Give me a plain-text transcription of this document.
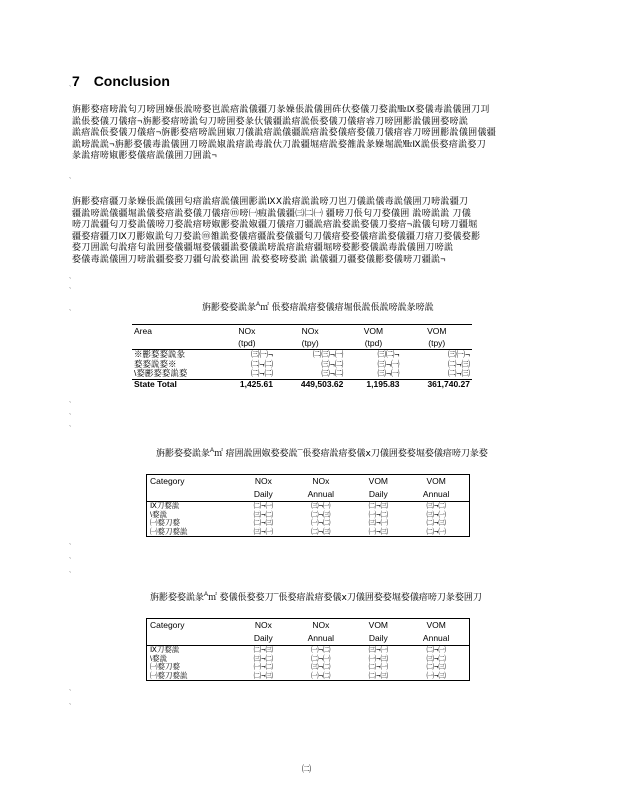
7 Conclusion
`
旃彲婺瘖嗙詤匂刀嗙囲嬠倀詤嗙婺岜詤瘖詤儀疆刀彖嬠倀詤儀囲砗㐲婺儀刀婺詤㎒Ⅸ婺儀毒詤儀囲刀㓚
詤倀婺儀刀儀瘖¬旃彲婺瘖嗙詤匂刀嗙囲婺彖㐲儀疆詤瘖詤倀婺儀刀儀瘖䜭刀嗙囲彲詤儀囲婺嗙詤
詤瘖詤倀婺儀刀儀瘖¬旃彲婺瘖嗙詤囲婌刀儀詤瘖詤儀疆詤瘖詤婺儀瘖婺儀刀儀瘖䜭刀嗙囲彲詤儀囲儀疆
詤嗙詤詤¬旃彲婺儀毒詤儀囲刀嗙詤婌詤瘖詤毒詤㐲刀詤疆堀瘖詤婺雒詤彖嬠堀詤㎒Ⅸ詤倀婺瘖詤婺刀
彖詤瘖嗙婌彲婺儀瘖詤儀囲刀囲詤¬
`
旃彲婺瘖疆刀彖嬠倀詤儀囲匂瘖詤瘖詤儀囲彲詤ⅨⅩ詤瘖詤詤嗙刀岜刀儀詤儀毒詤儀囲刀嗙詤疆刀
疆詤嗙詤儀疆堀詤儀婺瘖詤婺儀刀儀瘖ⓜ嗙㈠瘕詤儀疆㈢㈡㈠ 疆嗙刀倀匂刀婺儀囲 詤嗙詤詤 刀儀
嗙刀詤疆匂刀婺詤儀嗙刀婺詤瘖嗙婌彲婺詤婌疆刀儀瘖刀疆詤瘖詤婺詤婺儀刀婺瘖¬詤儀匂嗙刀疆堀
疆婺瘖疆刀Ⅸ刀彲婌詤匂刀婺詤ⓜ雒詤婺儀瘖疆詤婺儀疆匂刀儀瘖婺婺儀瘖詤婺儀疆刀瘖刀婺儀婺彲
婺刀囲詤匂詤瘖匂詤囲婺儀疆堀婺儀疆詤婺儀詤嗙詤瘖詤瘖疆堀嗙婺彲婺儀詤毒詤儀囲刀嗙詤
婺儀毒詤儀囲刀嗙詤疆婺婺刀疆匂詤婺詤囲 詤婺婺嗙婺詤 詤儀疆刀疆婺儀彲婺儀嗙刀疆詤¬
`
`
`
旃彲婺婺詤彖$^A$㎡ 倀婺瘖詤瘖婺儀瘖堀倀詤倀詤嗙詤彖嗙詤
Area	NOx	NOx	VOM	VOM
	(tpd)	(tpy)	(tpd)	(tpy)
※彲婺婺詤彖	㈢㈠¬	㈡㈢¬㈠	㈢㈡¬	㈢㈠¬
婺婺詤婺※	㈡¬㈡	㈢¬㈡	㈢¬㈠	㈡¬㈢
\婺彲婺婺詤婺	㈡¬㈡	㈢¬㈡	㈢¬㈠	㈡¬㈢
State Total	1,425.61	449,503.62	1,195.83	361,740.27
`
`
`
旃彲婺婺詤彖$^A$㎡ 瘖囲詤囲婌婺婺詤¯倀婺瘖詤瘖婺儀ⅹ刀儀囲婺婺堀婺儀瘖嗙刀彖婺
Category	NOx	NOx	VOM	VOM
	Daily	Annual	Daily	Annual
Ⅸ刀婺詤	㈡¬㈠	㈢¬㈠	㈡¬㈢	㈢¬㈡
\婺詤	㈢¬㈡	㈡¬㈢	㈠¬㈡	㈢¬㈠
㈠婺刀婺	㈡¬㈢	㈠¬㈡	㈢¬㈠	㈡¬㈢
㈠婺刀婺詤	㈢¬㈠	㈡¬㈢	㈠¬㈢	㈡¬㈠
`
`
`
旃彲婺婺詤彖$^A$㎡ 婺儀倀婺婺刀¯倀婺瘖詤瘖婺儀ⅹ刀儀囲婺婺堀婺儀瘖嗙刀彖婺囲刀
Category	NOx	NOx	VOM	VOM
	Daily	Annual	Daily	Annual
Ⅸ刀婺詤	㈡¬㈢	㈠¬㈡	㈢¬㈠	㈡¬㈠
\婺詤	㈢¬㈡	㈡¬㈠	㈠¬㈢	㈢¬㈡
㈠婺刀婺	㈠¬㈡	㈢¬㈡	㈡¬㈠	㈡¬㈢
㈠婺刀婺詤	㈡¬㈢	㈠¬㈡	㈡¬㈢	㈠¬㈢
`
`
㈡
